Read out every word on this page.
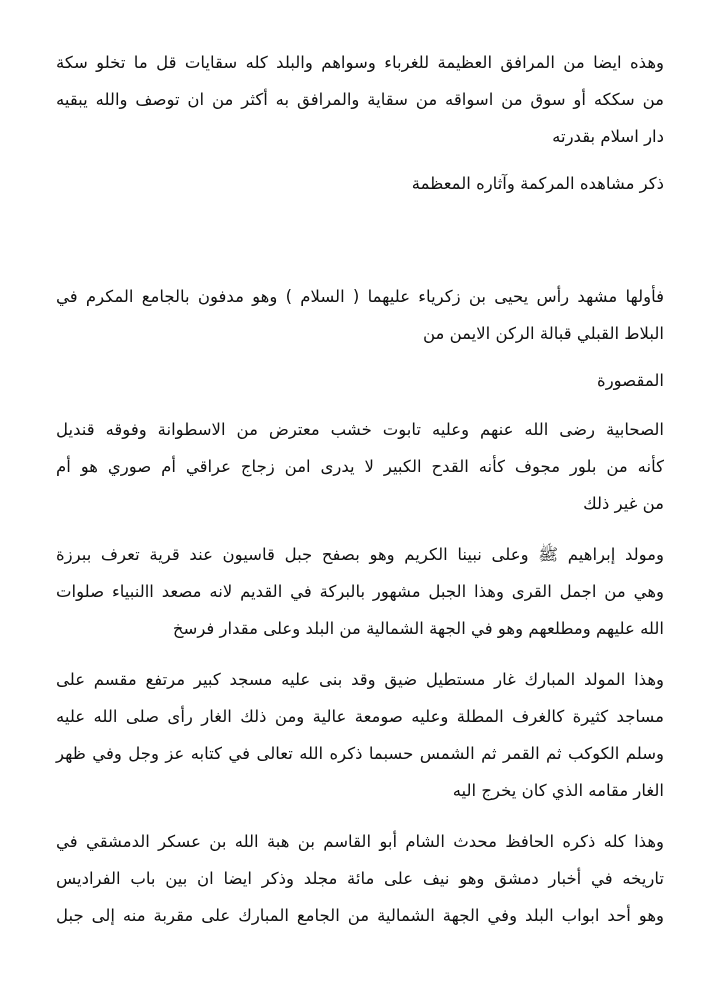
وهذه ايضا من المرافق العظيمة للغرباء وسواهم والبلد كله سقايات قل ما تخلو سكة
من سككه أو سوق من اسواقه من سقاية والمرافق به أكثر من ان توصف والله يبقيه
دار اسلام بقدرته

ذكر مشاهده المركمة وآثاره المعظمة

فأولها مشهد رأس يحيى بن زكرياء عليهما ( السلام ) وهو مدفون بالجامع المكرم في
البلاط القبلي قبالة الركن الايمن من

المقصورة

الصحابية رضى الله عنهم وعليه تابوت خشب معترض من الاسطوانة وفوقه قنديل
كأنه من بلور مجوف كأنه القدح الكبير لا يدرى امن زجاج عراقي أم صوري هو أم
من غير ذلك

ومولد إبراهيم ﷺ وعلى نبينا الكريم وهو بصفح جبل قاسيون عند قرية تعرف ببرزة
وهي من اجمل القرى وهذا الجبل مشهور بالبركة في القديم لانه مصعد االنبياء صلوات
الله عليهم ومطلعهم وهو في الجهة الشمالية من البلد وعلى مقدار فرسخ

وهذا المولد المبارك غار مستطيل ضيق وقد بنى عليه مسجد كبير مرتفع مقسم على
مساجد كثيرة كالغرف المطلة وعليه صومعة عالية ومن ذلك الغار رأى صلى الله عليه
وسلم الكوكب ثم القمر ثم الشمس حسبما ذكره الله تعالى في كتابه عز وجل وفي ظهر
الغار مقامه الذي كان يخرج اليه

وهذا كله ذكره الحافظ محدث الشام أبو القاسم بن هبة الله بن عسكر الدمشقي في
تاريخه في أخبار دمشق وهو نيف على مائة مجلد وذكر ايضا ان بين باب الفراديس
وهو أحد ابواب البلد وفي الجهة الشمالية من الجامع المبارك على مقربة منه إلى جبل
